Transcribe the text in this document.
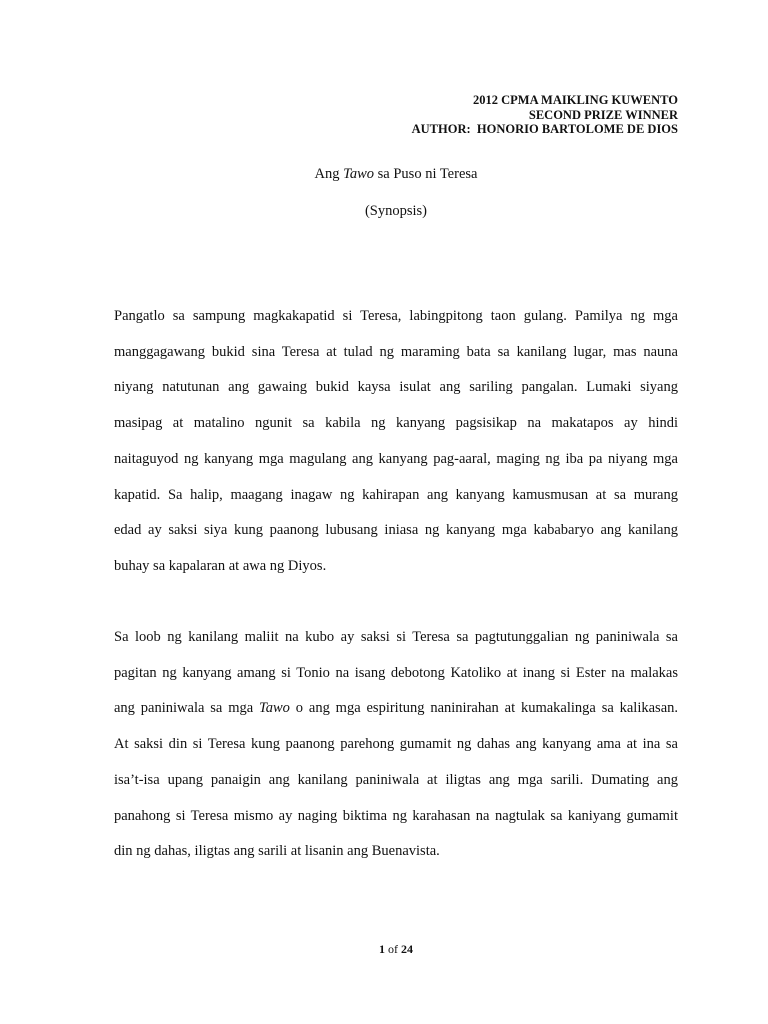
2012 CPMA MAIKLING KUWENTO
SECOND PRIZE WINNER
AUTHOR:  HONORIO BARTOLOME DE DIOS
Ang Tawo sa Puso ni Teresa
(Synopsis)
Pangatlo sa sampung magkakapatid si Teresa, labingpitong taon gulang. Pamilya ng mga
manggagawang bukid sina Teresa at tulad ng maraming bata sa kanilang lugar, mas nauna
niyang natutunan ang gawaing bukid kaysa isulat ang sariling pangalan. Lumaki siyang
masipag at matalino ngunit sa kabila ng kanyang pagsisikap na makatapos ay hindi
naitaguyod ng kanyang mga magulang ang kanyang pag-aaral, maging ng iba pa niyang mga
kapatid. Sa halip, maagang inagaw ng kahirapan ang kanyang kamusmusan at sa murang
edad ay saksi siya kung paanong lubusang iniasa ng kanyang mga kababaryo ang kanilang
buhay sa kapalaran at awa ng Diyos.
Sa loob ng kanilang maliit na kubo ay saksi si Teresa sa pagtutunggalian ng paniniwala sa
pagitan ng kanyang amang si Tonio na isang debotong Katoliko at inang si Ester na malakas
ang paniniwala sa mga Tawo o ang mga espiritung naninirahan at kumakalinga sa kalikasan.
At saksi din si Teresa kung paanong parehong gumamit ng dahas ang kanyang ama at ina sa
isa’t-isa upang panaigin ang kanilang paniniwala at iligtas ang mga sarili. Dumating ang
panahong si Teresa mismo ay naging biktima ng karahasan na nagtulak sa kaniyang gumamit
din ng dahas, iligtas ang sarili at lisanin ang Buenavista.
1 of 24
